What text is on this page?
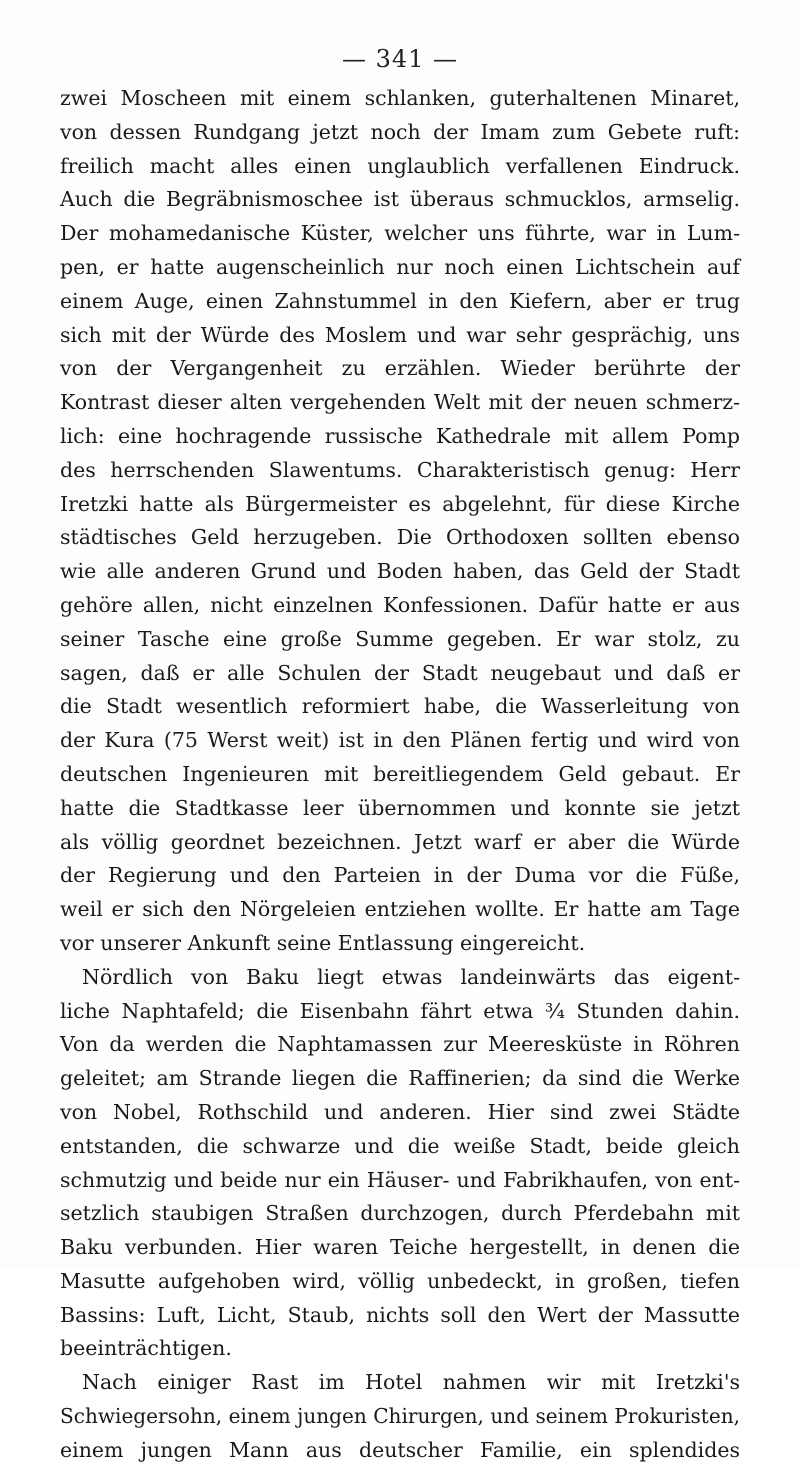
— 341 —
zwei Moscheen mit einem schlanken, guterhaltenen Minaret,
von dessen Rundgang jetzt noch der Imam zum Gebete ruft:
freilich macht alles einen unglaublich verfallenen Eindruck.
Auch die Begräbnismoschee ist überaus schmucklos, armselig.
Der mohamedanische Küster, welcher uns führte, war in Lum-
pen, er hatte augenscheinlich nur noch einen Lichtschein auf
einem Auge, einen Zahnstummel in den Kiefern, aber er trug
sich mit der Würde des Moslem und war sehr gesprächig, uns
von der Vergangenheit zu erzählen. Wieder berührte der
Kontrast dieser alten vergehenden Welt mit der neuen schmerz-
lich: eine hochragende russische Kathedrale mit allem Pomp
des herrschenden Slawentums. Charakteristisch genug: Herr
Iretzki hatte als Bürgermeister es abgelehnt, für diese Kirche
städtisches Geld herzugeben. Die Orthodoxen sollten ebenso
wie alle anderen Grund und Boden haben, das Geld der Stadt
gehöre allen, nicht einzelnen Konfessionen. Dafür hatte er aus
seiner Tasche eine große Summe gegeben. Er war stolz, zu
sagen, daß er alle Schulen der Stadt neugebaut und daß er
die Stadt wesentlich reformiert habe, die Wasserleitung von
der Kura (75 Werst weit) ist in den Plänen fertig und wird von
deutschen Ingenieuren mit bereitliegendem Geld gebaut. Er
hatte die Stadtkasse leer übernommen und konnte sie jetzt
als völlig geordnet bezeichnen. Jetzt warf er aber die Würde
der Regierung und den Parteien in der Duma vor die Füße,
weil er sich den Nörgeleien entziehen wollte. Er hatte am Tage
vor unserer Ankunft seine Entlassung eingereicht.
Nördlich von Baku liegt etwas landeinwärts das eigent-
liche Naphtafeld; die Eisenbahn fährt etwa ¾ Stunden dahin.
Von da werden die Naphtamassen zur Meeresküste in Röhren
geleitet; am Strande liegen die Raffinerien; da sind die Werke
von Nobel, Rothschild und anderen. Hier sind zwei Städte
entstanden, die schwarze und die weiße Stadt, beide gleich
schmutzig und beide nur ein Häuser- und Fabrikhaufen, von ent-
setzlich staubigen Straßen durchzogen, durch Pferdebahn mit
Baku verbunden. Hier waren Teiche hergestellt, in denen die
Masutte aufgehoben wird, völlig unbedeckt, in großen, tiefen
Bassins: Luft, Licht, Staub, nichts soll den Wert der Massutte
beeinträchtigen.
Nach einiger Rast im Hotel nahmen wir mit Iretzki's
Schwiegersohn, einem jungen Chirurgen, und seinem Prokuristen,
einem jungen Mann aus deutscher Familie, ein splendides
